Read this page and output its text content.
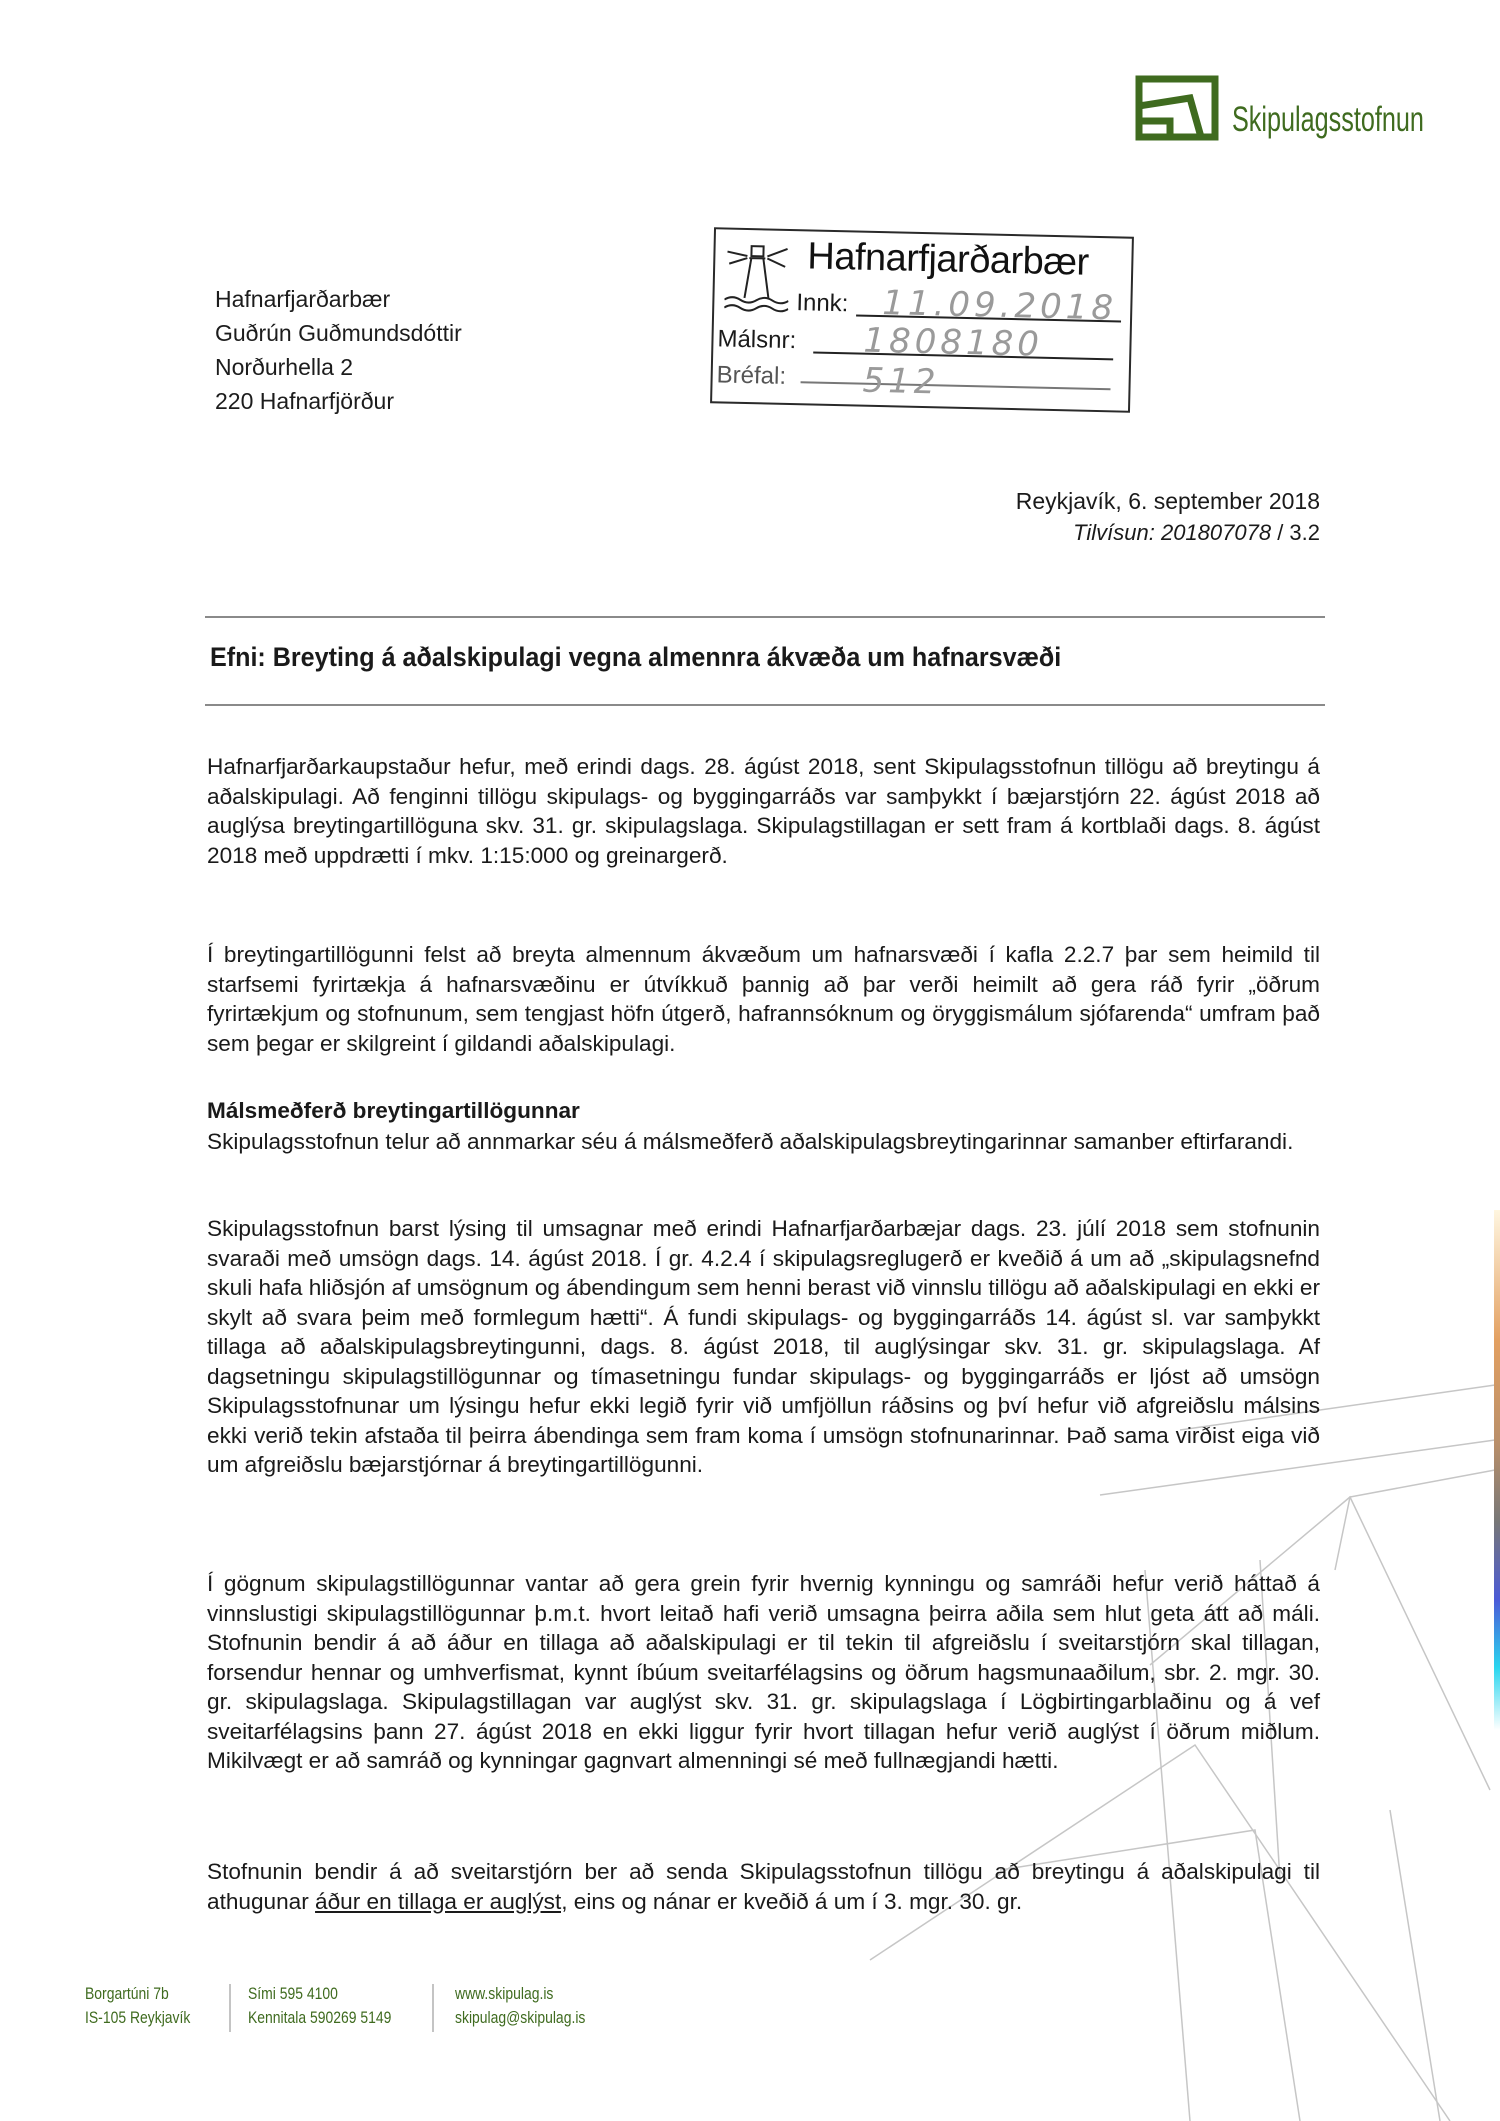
Skipulagsstofnun
Hafnarfjarðarbær
Guðrún Guðmundsdóttir
Norðurhella 2
220 Hafnarfjörður
Hafnarfjarðarbær
Innk: 11.09.2018
Málsnr: 1808180
Bréfal: 512
Reykjavík, 6. september 2018
Tilvísun: 201807078 / 3.2
Efni: Breyting á aðalskipulagi vegna almennra ákvæða um hafnarsvæði

Hafnarfjarðarkaupstaður hefur, með erindi dags. 28. ágúst 2018, sent Skipulagsstofnun tillögu að breytingu á aðalskipulagi. Að fenginni tillögu skipulags- og byggingarráðs var samþykkt í bæjarstjórn 22. ágúst 2018 að auglýsa breytingartillöguna skv. 31. gr. skipulagslaga. Skipulagstillagan er sett fram á kortblaði dags. 8. ágúst 2018 með uppdrætti í mkv. 1:15:000 og greinargerð.

Í breytingartillögunni felst að breyta almennum ákvæðum um hafnarsvæði í kafla 2.2.7 þar sem heimild til starfsemi fyrirtækja á hafnarsvæðinu er útvíkkuð þannig að þar verði heimilt að gera ráð fyrir „öðrum fyrirtækjum og stofnunum, sem tengjast höfn útgerð, hafrannsóknum og öryggismálum sjófarenda“ umfram það sem þegar er skilgreint í gildandi aðalskipulagi.

Málsmeðferð breytingartillögunnar

Skipulagsstofnun telur að annmarkar séu á málsmeðferð aðalskipulagsbreytingarinnar samanber eftirfarandi.

Skipulagsstofnun barst lýsing til umsagnar með erindi Hafnarfjarðarbæjar dags. 23. júlí 2018 sem stofnunin svaraði með umsögn dags. 14. ágúst 2018. Í gr. 4.2.4 í skipulagsreglugerð er kveðið á um að „skipulagsnefnd skuli hafa hliðsjón af umsögnum og ábendingum sem henni berast við vinnslu tillögu að aðalskipulagi en ekki er skylt að svara þeim með formlegum hætti“. Á fundi skipulags- og byggingarráðs 14. ágúst sl. var samþykkt tillaga að aðalskipulagsbreytingunni, dags. 8. ágúst 2018, til auglýsingar skv. 31. gr. skipulagslaga. Af dagsetningu skipulagstillögunnar og tímasetningu fundar skipulags- og byggingarráðs er ljóst að umsögn Skipulagsstofnunar um lýsingu hefur ekki legið fyrir við umfjöllun ráðsins og því hefur við afgreiðslu málsins ekki verið tekin afstaða til þeirra ábendinga sem fram koma í umsögn stofnunarinnar. Það sama virðist eiga við um afgreiðslu bæjarstjórnar á breytingartillögunni.

Í gögnum skipulagstillögunnar vantar að gera grein fyrir hvernig kynningu og samráði hefur verið háttað á vinnslustigi skipulagstillögunnar þ.m.t. hvort leitað hafi verið umsagna þeirra aðila sem hlut geta átt að máli. Stofnunin bendir á að áður en tillaga að aðalskipulagi er til tekin til afgreiðslu í sveitarstjórn skal tillagan, forsendur hennar og umhverfismat, kynnt íbúum sveitarfélagsins og öðrum hagsmunaaðilum, sbr. 2. mgr. 30. gr. skipulagslaga. Skipulagstillagan var auglýst skv. 31. gr. skipulagslaga í Lögbirtingarblaðinu og á vef sveitarfélagsins þann 27. ágúst 2018 en ekki liggur fyrir hvort tillagan hefur verið auglýst í öðrum miðlum. Mikilvægt er að samráð og kynningar gagnvart almenningi sé með fullnægjandi hætti.

Stofnunin bendir á að sveitarstjórn ber að senda Skipulagsstofnun tillögu að breytingu á aðalskipulagi til athugunar áður en tillaga er auglýst, eins og nánar er kveðið á um í 3. mgr. 30. gr.

Borgartúni 7b
IS-105 Reykjavík
Sími 595 4100
Kennitala 590269 5149
www.skipulag.is
skipulag@skipulag.is
